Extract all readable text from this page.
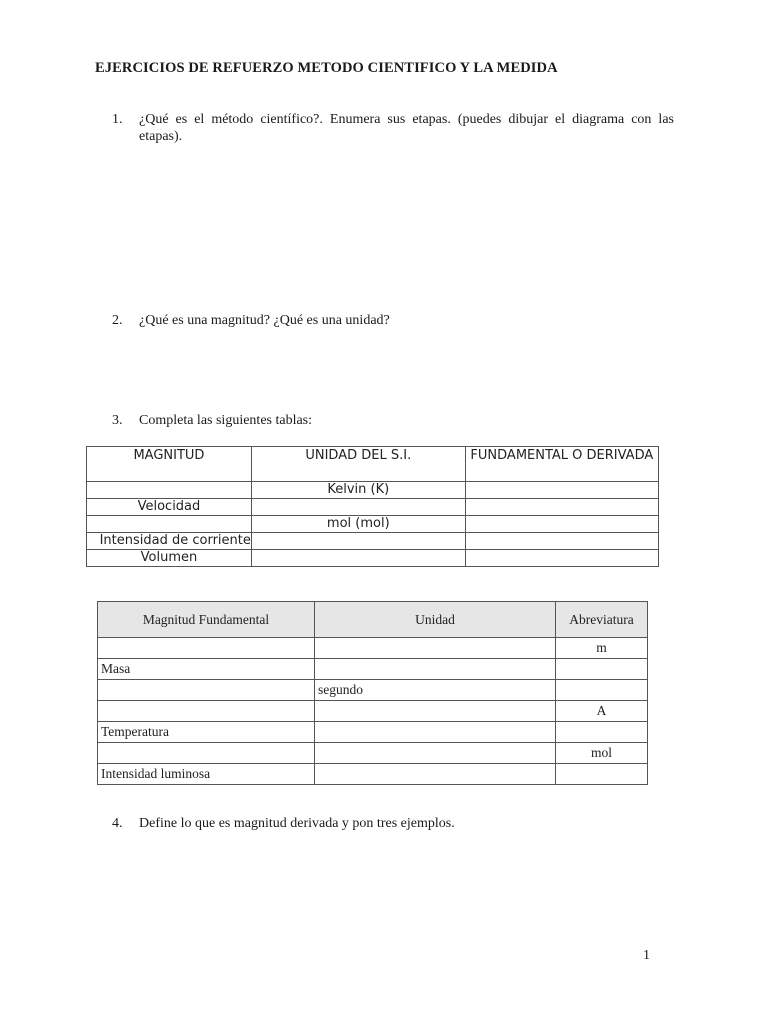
EJERCICIOS DE REFUERZO METODO CIENTIFICO Y LA MEDIDA
1.	¿Qué es el método científico?. Enumera sus etapas. (puedes dibujar el diagrama con las etapas).
2.	¿Qué es una magnitud? ¿Qué es una unidad?
3.	Completa las siguientes tablas:
MAGNITUD	UNIDAD DEL S.I.	FUNDAMENTAL O DERIVADA
	Kelvin (K)	
Velocidad		
	mol (mol)	
Intensidad de corriente		
Volumen		
Magnitud Fundamental	Unidad	Abreviatura
		m
Masa		
	segundo	
		A
Temperatura		
		mol
Intensidad luminosa		
4.	Define lo que es magnitud derivada y pon tres ejemplos.
1
